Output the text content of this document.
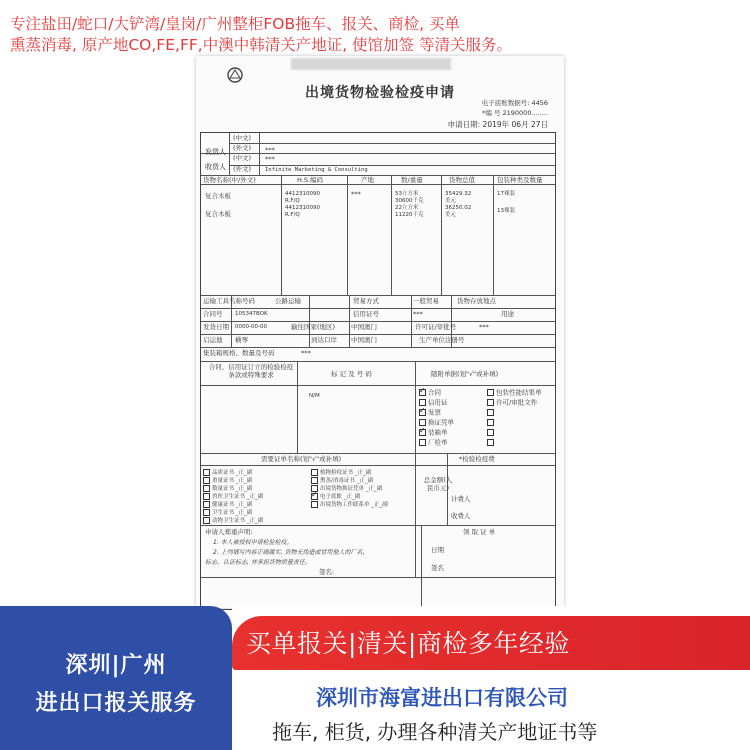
专注盐田/蛇口/大铲湾/皇岗/广州整柜FOB拖车、报关、商检, 买单
熏蒸消毒, 原产地CO,FE,FF,中澳中韩清关产地证, 使馆加签 等清关服务。
出境货物检验检疫申请
电子底账数据号: 4456
*编 号 2190000........
申请日期: 2019年 06月 27日
发货人
(中文)
(外文) ***
收货人
(中文) ***
(外文)	Infinite Marketing & Consulting
货物名称(中/外文)	H.S.编码	产地	数/重量	货物总值	包装种类及数量
复合木板
复合木板
4412310090
R.F/Q
4412310090
R.F/Q
***	53立方米
30600千克
22立方米
11220千克
35429.32
美元
36250.02
美元
17裸装
13裸装
运输工具名称号码	公路运输	贸易方式	一般贸易	货物存放地点
合同号 105347BOK	信用证号	***	用途
发货日期 0000-00-00	输往国家(地区) 中国澳门	许可证/审批号	***
启运地 横琴	到达口岸 中国澳门	生产单位注册号
集装箱规格、数量及号码	***
合同、信用证订立的检验检疫条款或特殊要求	标 记 及 号 码	随附单据(划"√"或补填)
N/M
✓	合同
信用证
✓发票
换证凭单
✓装箱单
厂检单
包装性能结果单
许可/审批文件
需要证单名称(划"√"或补填)	*检验检疫费
品质证书 _正_副
重量证书 _正_副
数量证书 _正_副
兽医卫生证书 _正_副
健康证书 _正_副
卫生证书 _正_副
动物卫生证书 _正_副
植物检疫证书 _正_副
熏蒸/消毒证书 _正_副
出境货物换证凭单 _正_副
✓电子底账 _正_副
出境货物工作联系单 _正_副
总金额(人民币元)
计费人
收费人
申请人郑重声明:
1. 本人被授权申请检验检疫。
2. 上列填写内容正确属实, 货物无伪造或冒用他人的厂名、
标志、认证标志, 并承担货物质量责任。
签名:
领 取 证 单
日期
签名
深圳|广州
进出口报关服务
买单报关|清关|商检多年经验
深圳市海富进出口有限公司
拖车, 柜货, 办理各种清关产地证书等
